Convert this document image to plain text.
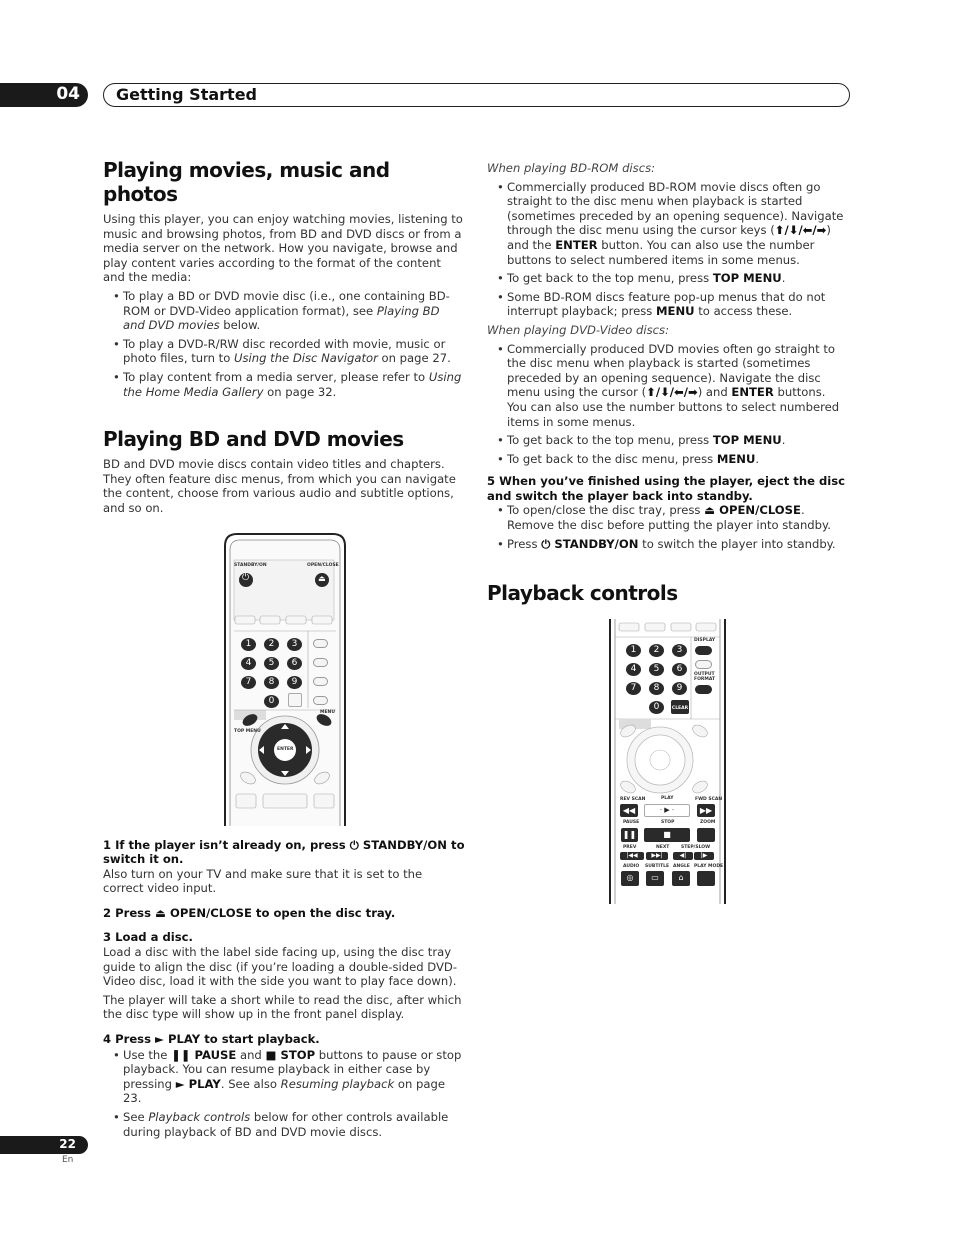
04 Getting Started
Playing movies, music and photos

Using this player, you can enjoy watching movies, listening to music and browsing photos, from BD and DVD discs or from a media server on the network. How you navigate, browse and play content varies according to the format of the content and the media:

• To play a BD or DVD movie disc (i.e., one containing BD-ROM or DVD-Video application format), see Playing BD and DVD movies below.
• To play a DVD-R/RW disc recorded with movie, music or photo files, turn to Using the Disc Navigator on page 27.
• To play content from a media server, please refer to Using the Home Media Gallery on page 32.
Playing BD and DVD movies

BD and DVD movie discs contain video titles and chapters. They often feature disc menus, from which you can navigate the content, choose from various audio and subtitle options, and so on.

STANDBY/ON	OPEN/CLOSE
⏻	⏏
1	2	3
4	5	6
7	8	9
0
TOP MENU
MENU
ENTER

1 If the player isn’t already on, press ⏻ STANDBY/ON to switch it on.

Also turn on your TV and make sure that it is set to the correct video input.

2 Press ⏏ OPEN/CLOSE to open the disc tray.

3 Load a disc.

Load a disc with the label side facing up, using the disc tray guide to align the disc (if you’re loading a double-sided DVD-Video disc, load it with the side you want to play face down).

The player will take a short while to read the disc, after which the disc type will show up in the front panel display.

4 Press ► PLAY to start playback.

• Use the ❚❚ PAUSE and ■ STOP buttons to pause or stop playback. You can resume playback in either case by pressing ► PLAY. See also Resuming playback on page 23.
• See Playback controls below for other controls available during playback of BD and DVD movie discs.

When playing BD-ROM discs:

• Commercially produced BD-ROM movie discs often go straight to the disc menu when playback is started (sometimes preceded by an opening sequence). Navigate through the disc menu using the cursor keys (⬆/⬇/⬅/➡) and the ENTER button. You can also use the number buttons to select numbered items in some menus.
• To get back to the top menu, press TOP MENU.
• Some BD-ROM discs feature pop-up menus that do not interrupt playback; press MENU to access these.

When playing DVD-Video discs:

• Commercially produced DVD movies often go straight to the disc menu when playback is started (sometimes preceded by an opening sequence). Navigate the disc menu using the cursor (⬆/⬇/⬅/➡) and ENTER buttons. You can also use the number buttons to select numbered items in some menus.
• To get back to the top menu, press TOP MENU.
• To get back to the disc menu, press MENU.

5 When you’ve finished using the player, eject the disc and switch the player back into standby.

• To open/close the disc tray, press ⏏ OPEN/CLOSE. Remove the disc before putting the player into standby.
• Press ⏻ STANDBY/ON to switch the player into standby.
Playback controls
1	2	3
4	5	6
7	8	9
0	CLEAR
DISPLAY
OUTPUT FORMAT
REV SCAN	PLAY	FWD SCAN
◀◀	· ▶ ·	▶▶
PAUSE	STOP	ZOOM
❚❚	■
PREV	NEXT	STEP/SLOW
|◀◀	▶▶|	◀|	|▶
AUDIO SUBTITLE ANGLE PLAY MODE
◎	▭	⌂
22
En
